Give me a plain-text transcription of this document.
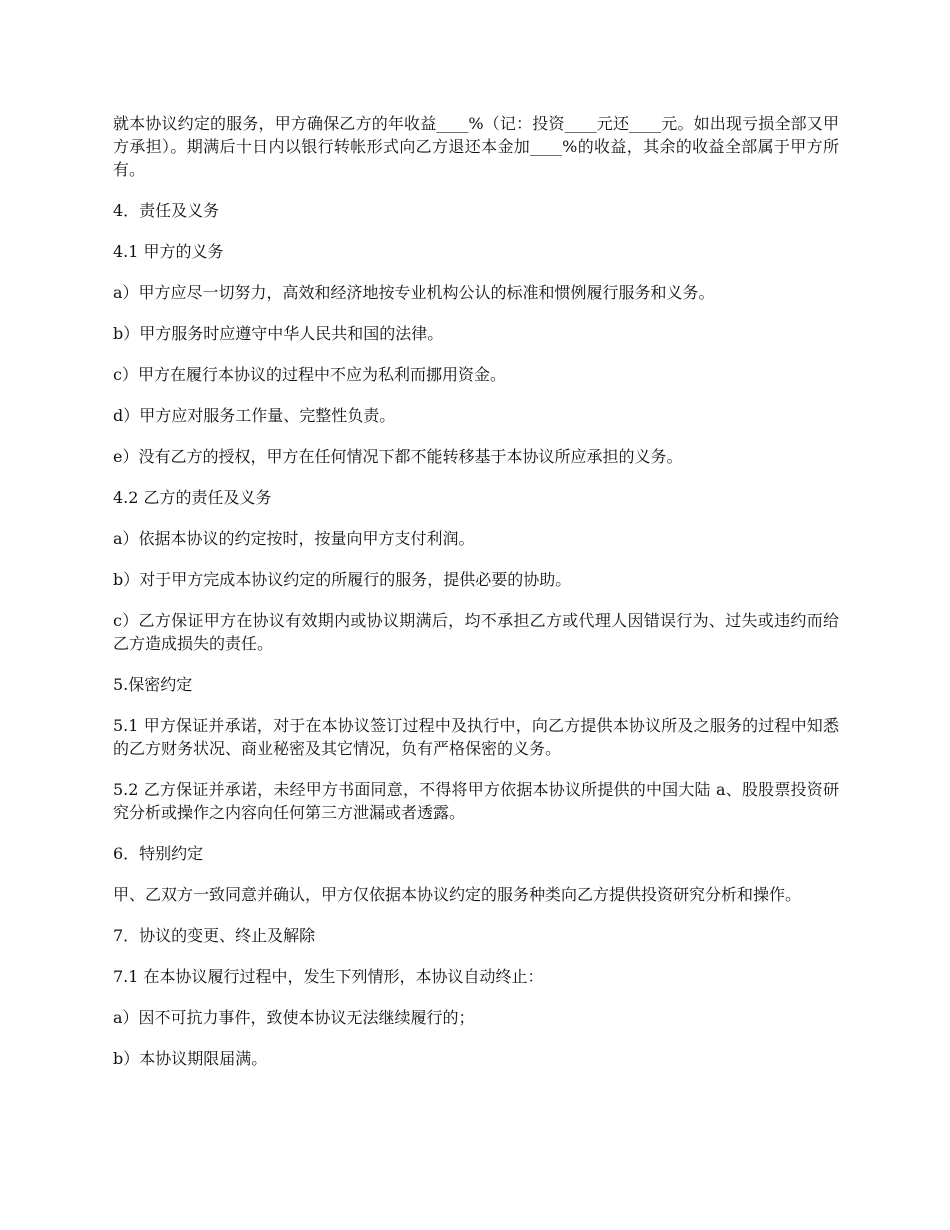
就本协议约定的服务，甲方确保乙方的年收益____%（记：投资____元还____元。如出现亏损全部又甲方承担）。期满后十日内以银行转帐形式向乙方退还本金加____%的收益，其余的收益全部属于甲方所有。

4．责任及义务

4.1 甲方的义务

a）甲方应尽一切努力，高效和经济地按专业机构公认的标准和惯例履行服务和义务。

b）甲方服务时应遵守中华人民共和国的法律。

c）甲方在履行本协议的过程中不应为私利而挪用资金。

d）甲方应对服务工作量、完整性负责。

e）没有乙方的授权，甲方在任何情况下都不能转移基于本协议所应承担的义务。

4.2 乙方的责任及义务

a）依据本协议的约定按时，按量向甲方支付利润。

b）对于甲方完成本协议约定的所履行的服务，提供必要的协助。

c）乙方保证甲方在协议有效期内或协议期满后，均不承担乙方或代理人因错误行为、过失或违约而给乙方造成损失的责任。

5.保密约定

5.1 甲方保证并承诺，对于在本协议签订过程中及执行中，向乙方提供本协议所及之服务的过程中知悉的乙方财务状况、商业秘密及其它情况，负有严格保密的义务。

5.2 乙方保证并承诺，未经甲方书面同意，不得将甲方依据本协议所提供的中国大陆 a、股股票投资研究分析或操作之内容向任何第三方泄漏或者透露。

6．特别约定

甲、乙双方一致同意并确认，甲方仅依据本协议约定的服务种类向乙方提供投资研究分析和操作。

7．协议的变更、终止及解除

7.1 在本协议履行过程中，发生下列情形，本协议自动终止：

a）因不可抗力事件，致使本协议无法继续履行的；

b）本协议期限届满。
